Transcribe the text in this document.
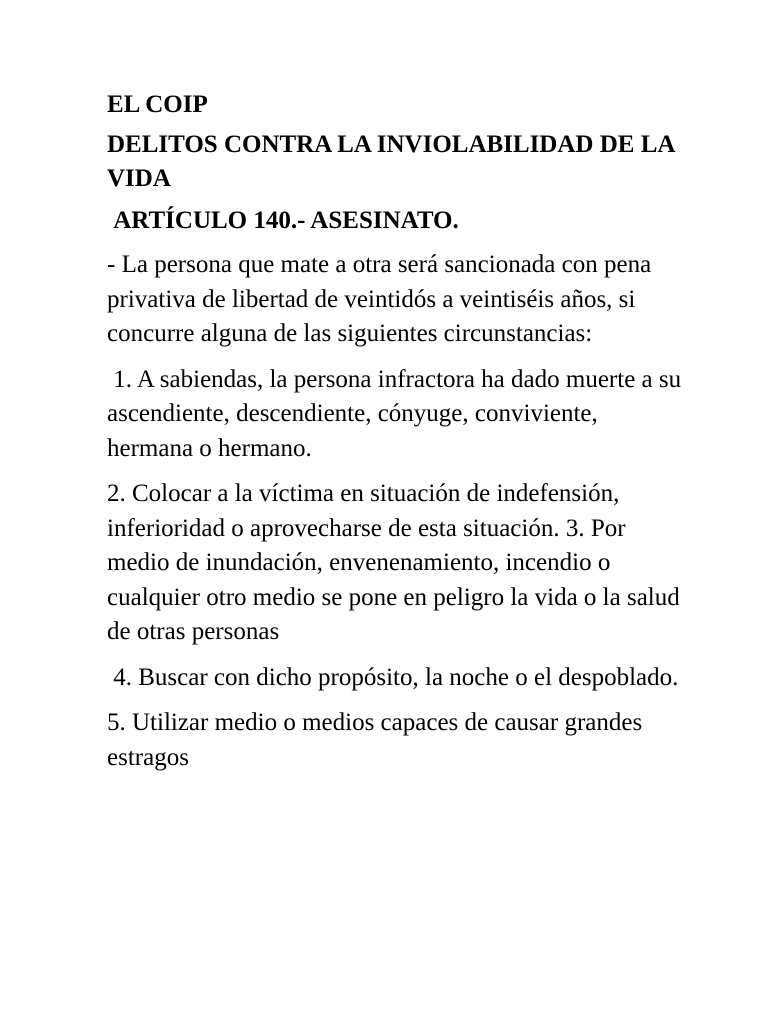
EL COIP
DELITOS CONTRA LA INVIOLABILIDAD DE LA VIDA
ARTÍCULO 140.- ASESINATO.
- La persona que mate a otra será sancionada con pena privativa de libertad de veintidós a veintiséis años, si concurre alguna de las siguientes circunstancias:
1. A sabiendas, la persona infractora ha dado muerte a su ascendiente, descendiente, cónyuge, conviviente, hermana o hermano.
2. Colocar a la víctima en situación de indefensión, inferioridad o aprovecharse de esta situación. 3. Por medio de inundación, envenenamiento, incendio o cualquier otro medio se pone en peligro la vida o la salud de otras personas
4. Buscar con dicho propósito, la noche o el despoblado.
5. Utilizar medio o medios capaces de causar grandes estragos
